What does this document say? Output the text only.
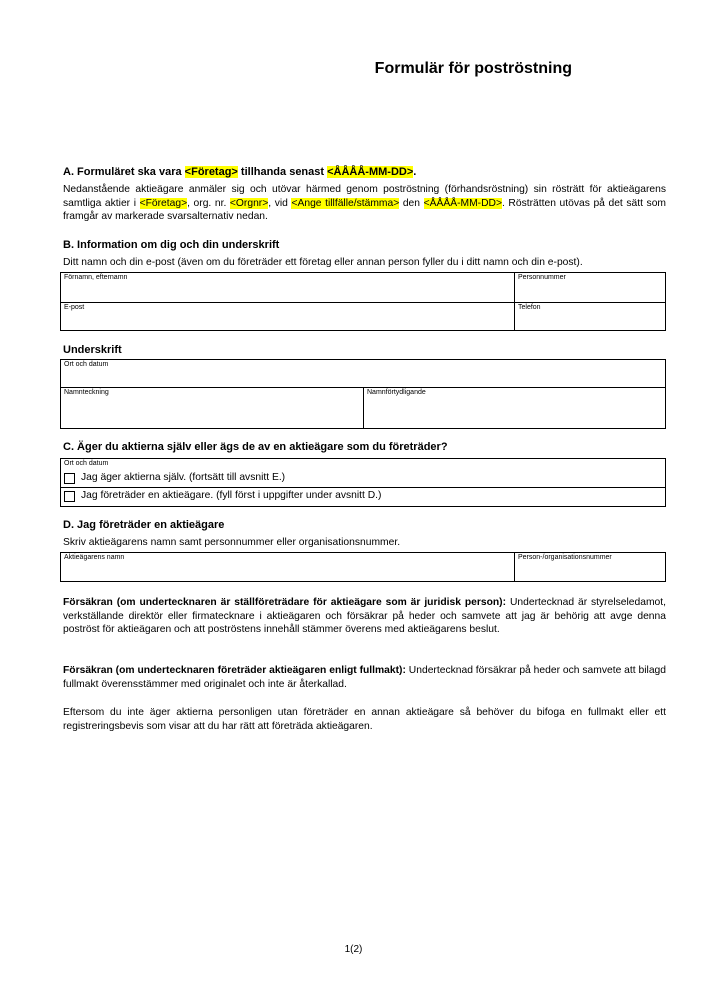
Formulär för poströstning
A. Formuläret ska vara <Företag> tillhanda senast <ÅÅÅÅ-MM-DD>.
Nedanstående aktieägare anmäler sig och utövar härmed genom poströstning (förhandsröstning) sin rösträtt för aktieägarens samtliga aktier i <Företag>, org. nr. <Orgnr>, vid <Ange tillfälle/stämma> den <ÅÅÅÅ-MM-DD>. Rösträtten utövas på det sätt som framgår av markerade svarsalternativ nedan.
B. Information om dig och din underskrift
Ditt namn och din e-post (även om du företräder ett företag eller annan person fyller du i ditt namn och din e-post).
Förnamn, efternamn	Personnummer
E-post	Telefon
Underskrift
Ort och datum
Namnteckning	Namnförtydligande
C. Äger du aktierna själv eller ägs de av en aktieägare som du företräder?
Ort och datum
Jag äger aktierna själv. (fortsätt till avsnitt E.)
Jag företräder en aktieägare. (fyll först i uppgifter under avsnitt D.)
D. Jag företräder en aktieägare
Skriv aktieägarens namn samt personnummer eller organisationsnummer.
Aktieägarens namn	Person-/organisationsnummer
Försäkran (om undertecknaren är ställföreträdare för aktieägare som är juridisk person): Undertecknad är styrelseledamot, verkställande direktör eller firmatecknare i aktieägaren och försäkrar på heder och samvete att jag är behörig att avge denna poströst för aktieägaren och att poströstens innehåll stämmer överens med aktieägarens beslut.
Försäkran (om undertecknaren företräder aktieägaren enligt fullmakt): Undertecknad försäkrar på heder och samvete att bilagd fullmakt överensstämmer med originalet och inte är återkallad.
Eftersom du inte äger aktierna personligen utan företräder en annan aktieägare så behöver du bifoga en fullmakt eller ett registreringsbevis som visar att du har rätt att företräda aktieägaren.
1(2)
